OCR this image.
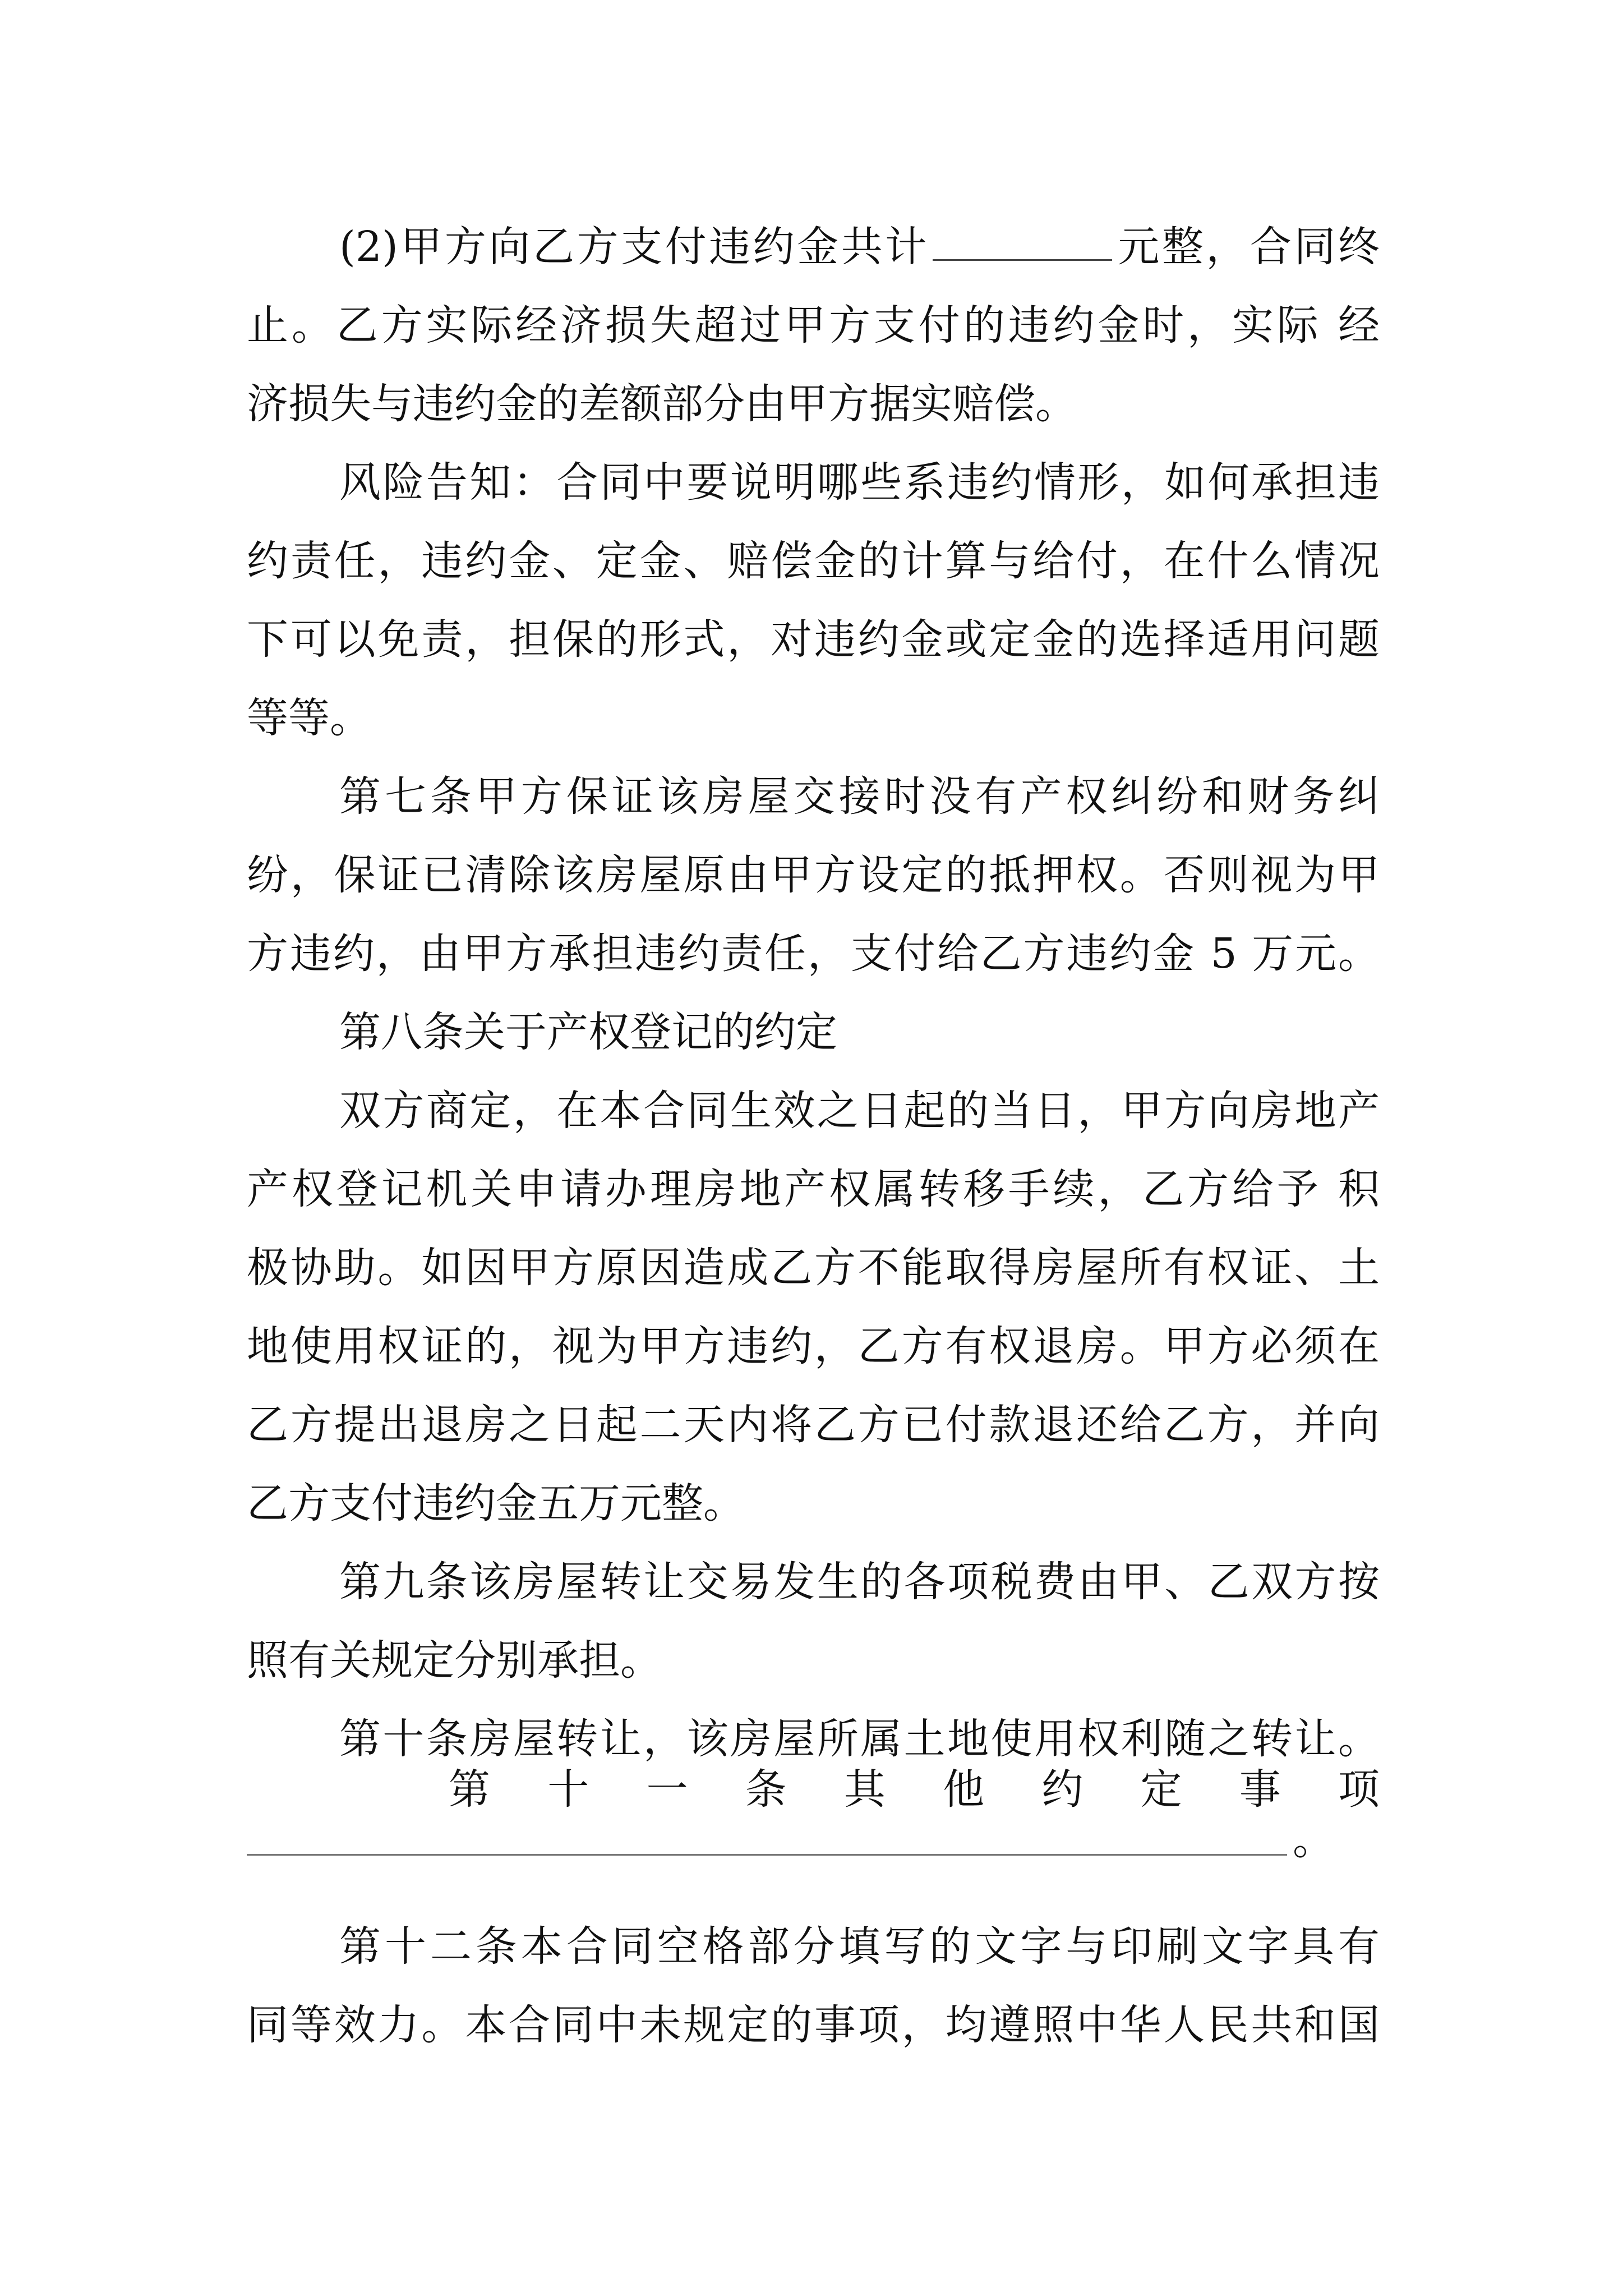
(2)甲方向乙方支付违约金共计	元整，合同终
止。乙方实际经济损失超过甲方支付的违约金时，实际 经
济损失与违约金的差额部分由甲方据实赔偿。
风险告知：合同中要说明哪些系违约情形，如何承担违
约责任，违约金、定金、赔偿金的计算与给付，在什么情况
下可以免责，担保的形式，对违约金或定金的选择适用问题
等等。
第七条甲方保证该房屋交接时没有产权纠纷和财务纠
纷，保证已清除该房屋原由甲方设定的抵押权。否则视为甲
方违约，由甲方承担违约责任，支付给乙方违约金 5 万元。
第八条关于产权登记的约定
双方商定，在本合同生效之日起的当日，甲方向房地产
产权登记机关申请办理房地产权属转移手续，乙方给予 积
极协助。如因甲方原因造成乙方不能取得房屋所有权证、土
地使用权证的，视为甲方违约，乙方有权退房。甲方必须在
乙方提出退房之日起二天内将乙方已付款退还给乙方，并向
乙方支付违约金五万元整。
第九条该房屋转让交易发生的各项税费由甲、乙双方按
照有关规定分别承担。
第十条房屋转让，该房屋所属土地使用权利随之转让。
第十一条其他约定事项
。
第十二条本合同空格部分填写的文字与印刷文字具有
同等效力。本合同中未规定的事项，均遵照中华人民共和国
